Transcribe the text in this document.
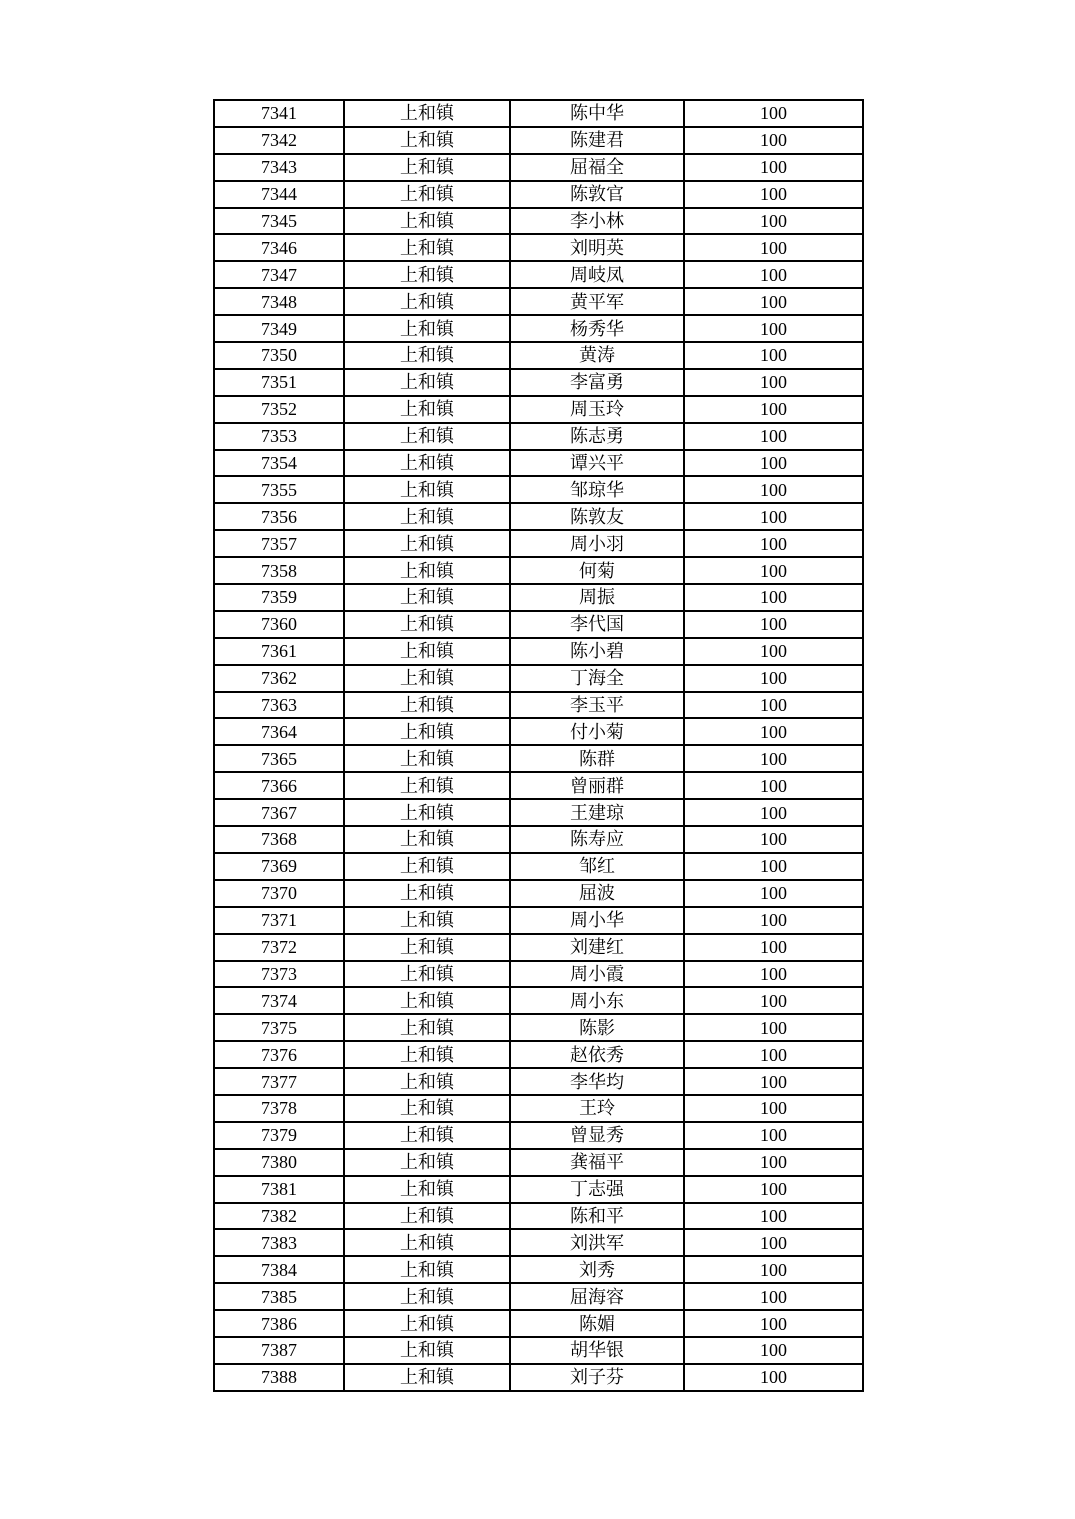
7341	上和镇	陈中华	100
7342	上和镇	陈建君	100
7343	上和镇	屈福全	100
7344	上和镇	陈敦官	100
7345	上和镇	李小林	100
7346	上和镇	刘明英	100
7347	上和镇	周岐凤	100
7348	上和镇	黄平军	100
7349	上和镇	杨秀华	100
7350	上和镇	黄涛	100
7351	上和镇	李富勇	100
7352	上和镇	周玉玲	100
7353	上和镇	陈志勇	100
7354	上和镇	谭兴平	100
7355	上和镇	邹琼华	100
7356	上和镇	陈敦友	100
7357	上和镇	周小羽	100
7358	上和镇	何菊	100
7359	上和镇	周振	100
7360	上和镇	李代国	100
7361	上和镇	陈小碧	100
7362	上和镇	丁海全	100
7363	上和镇	李玉平	100
7364	上和镇	付小菊	100
7365	上和镇	陈群	100
7366	上和镇	曾丽群	100
7367	上和镇	王建琼	100
7368	上和镇	陈寿应	100
7369	上和镇	邹红	100
7370	上和镇	屈波	100
7371	上和镇	周小华	100
7372	上和镇	刘建红	100
7373	上和镇	周小霞	100
7374	上和镇	周小东	100
7375	上和镇	陈影	100
7376	上和镇	赵依秀	100
7377	上和镇	李华均	100
7378	上和镇	王玲	100
7379	上和镇	曾显秀	100
7380	上和镇	龚福平	100
7381	上和镇	丁志强	100
7382	上和镇	陈和平	100
7383	上和镇	刘洪军	100
7384	上和镇	刘秀	100
7385	上和镇	屈海容	100
7386	上和镇	陈媚	100
7387	上和镇	胡华银	100
7388	上和镇	刘子芬	100
